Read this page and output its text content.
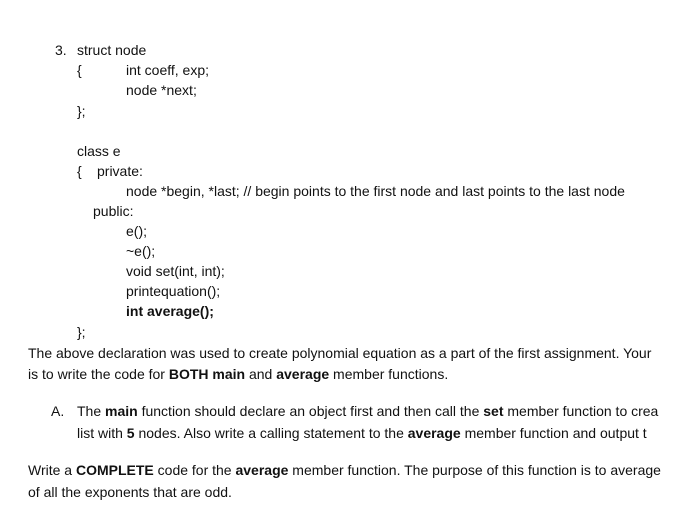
3. struct node
{	int coeff, exp;
node *next;
};
class e
{ private:
node *begin, *last; // begin points to the first node and last points to the last node
public:
e();
~e();
void set(int, int);
printequation();
int average();
};
The above declaration was used to create polynomial equation as a part of the first assignment. Your
is to write the code for BOTH main and average member functions.
A. The main function should declare an object first and then call the set member function to crea
list with 5 nodes. Also write a calling statement to the average member function and output t
Write a COMPLETE code for the average member function. The purpose of this function is to average
of all the exponents that are odd.
